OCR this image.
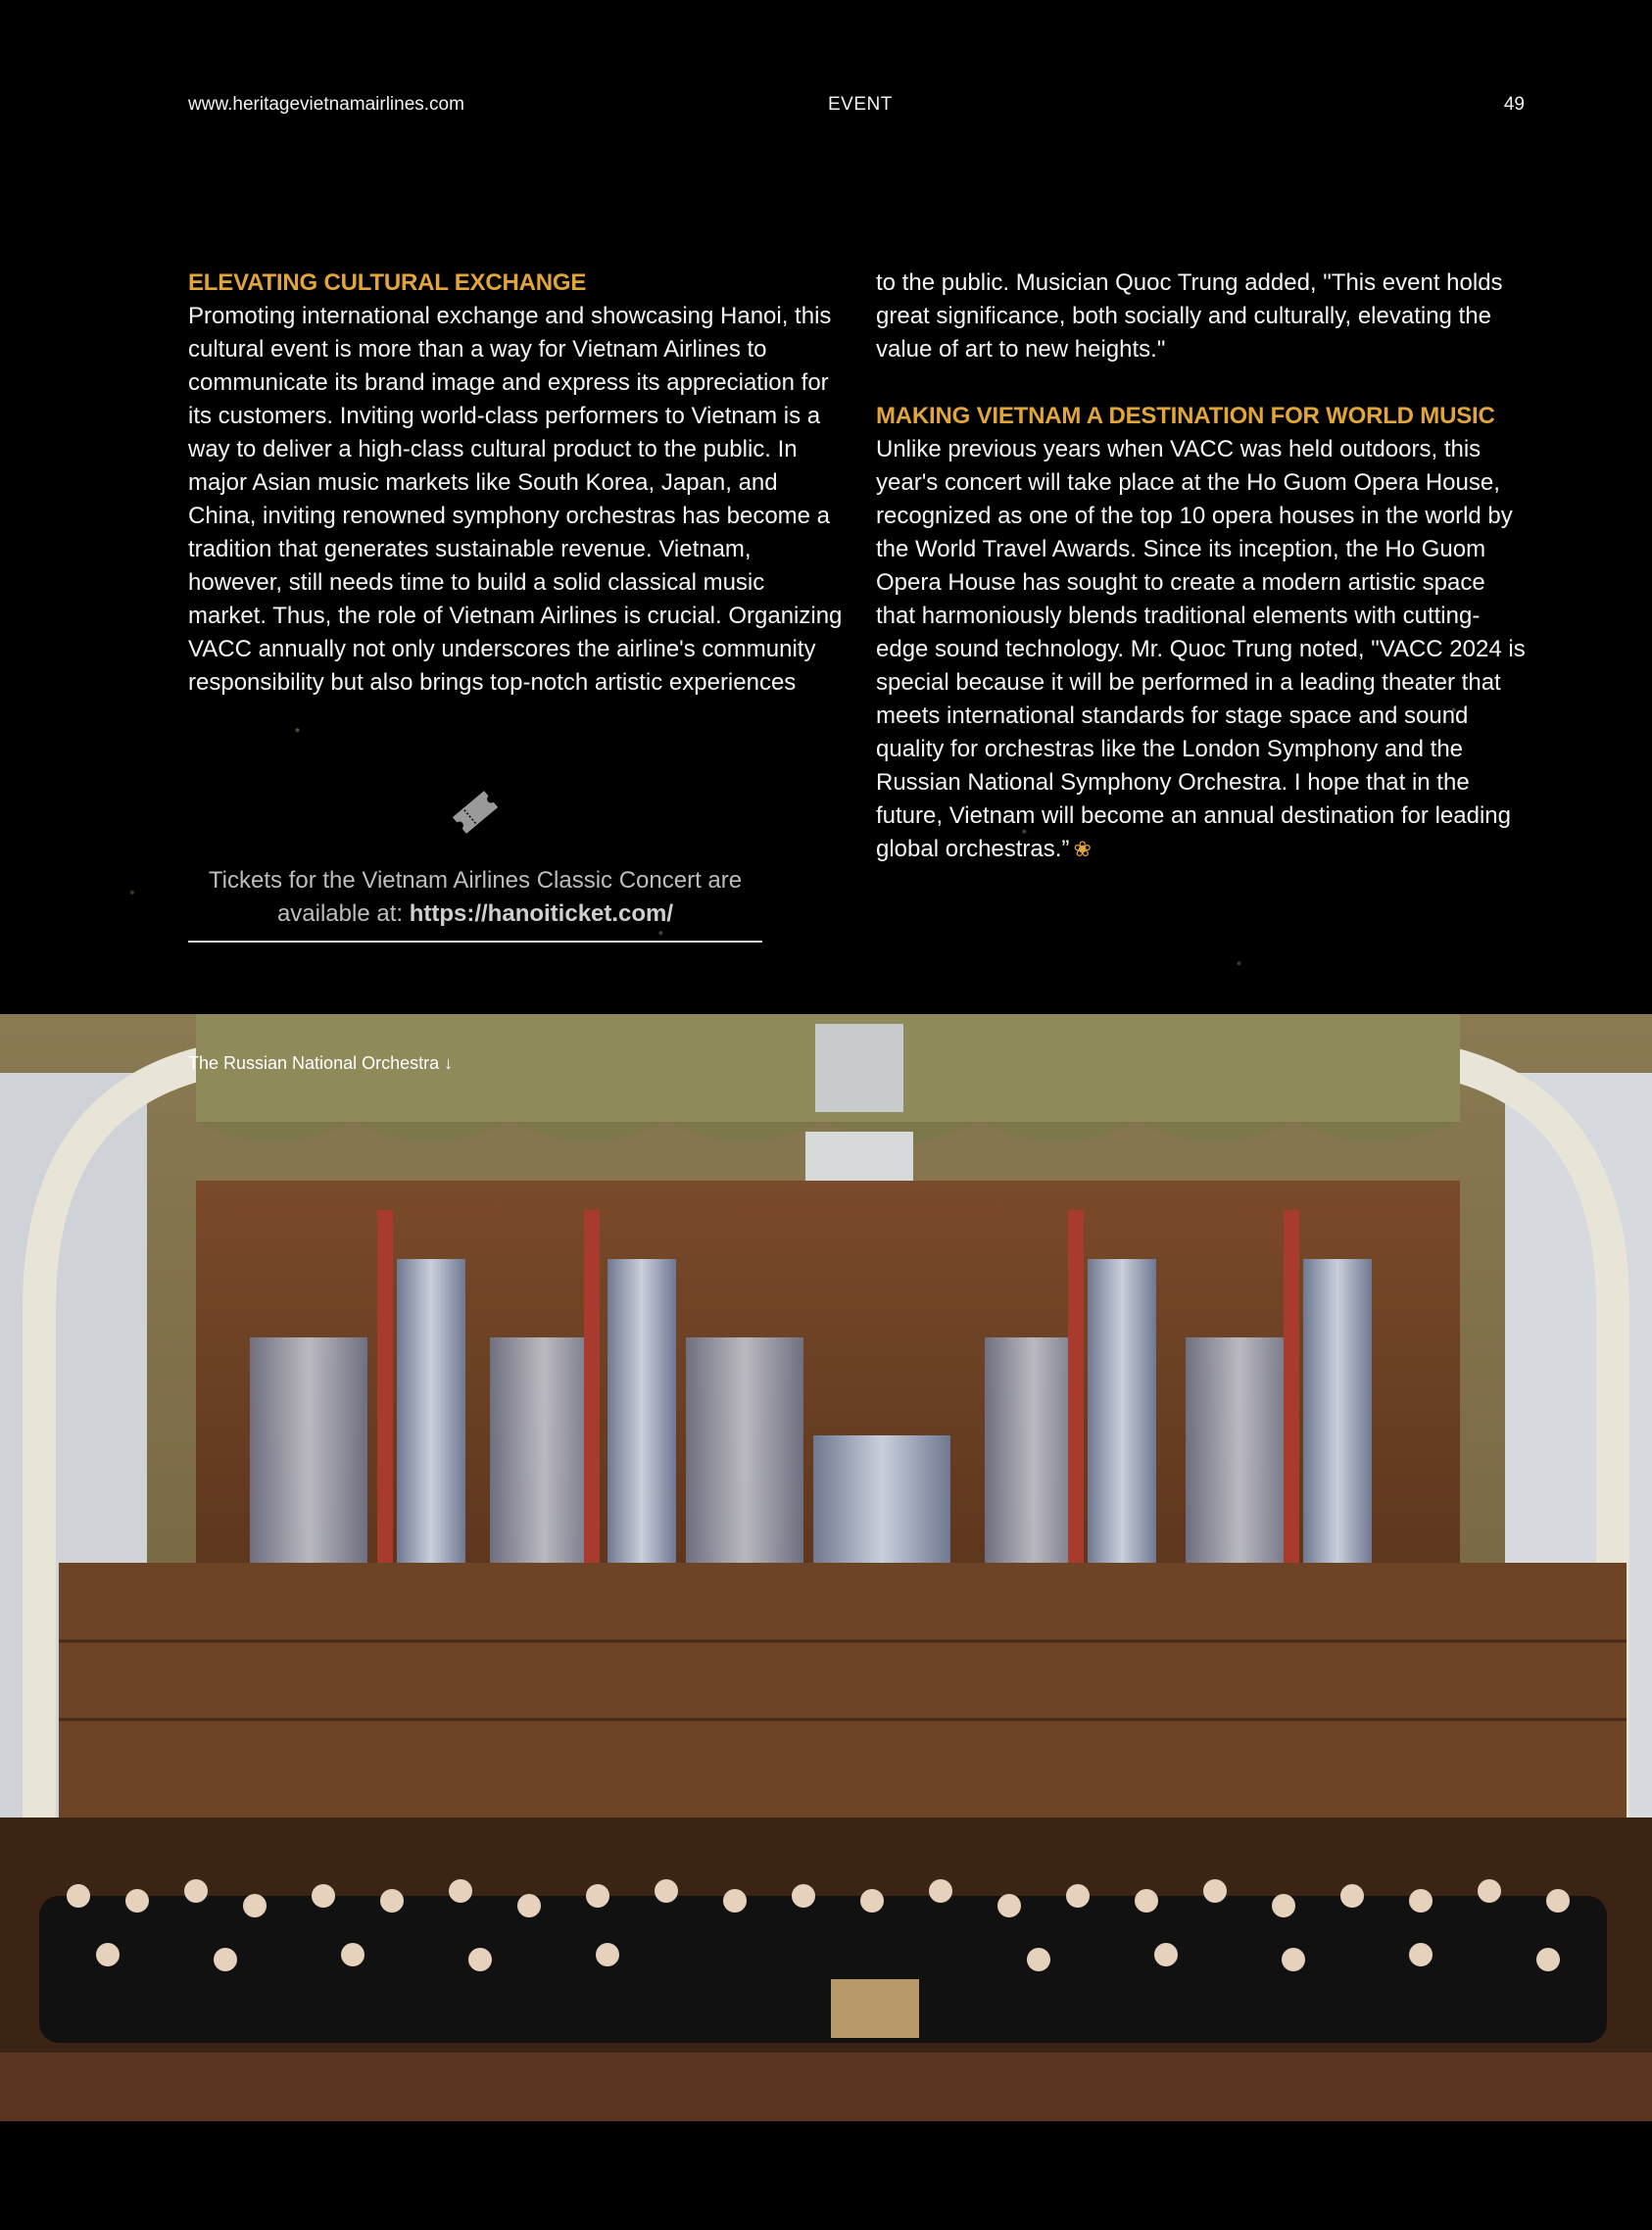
www.heritagevietnamairlines.com	EVENT	49
ELEVATING CULTURAL EXCHANGE

Promoting international exchange and showcasing Hanoi, this cultural event is more than a way for Vietnam Airlines to communicate its brand image and express its appreciation for its customers. Inviting world-class performers to Vietnam is a way to deliver a high-class cultural product to the public. In major Asian music markets like South Korea, Japan, and China, inviting renowned symphony orchestras has become a tradition that generates sustainable revenue. Vietnam, however, still needs time to build a solid classical music market. Thus, the role of Vietnam Airlines is crucial. Organizing VACC annually not only underscores the airline's community responsibility but also brings top-notch artistic experiences

to the public. Musician Quoc Trung added, "This event holds great significance, both socially and culturally, elevating the value of art to new heights."

MAKING VIETNAM A DESTINATION FOR WORLD MUSIC

Unlike previous years when VACC was held outdoors, this year's concert will take place at the Ho Guom Opera House, recognized as one of the top 10 opera houses in the world by the World Travel Awards. Since its inception, the Ho Guom Opera House has sought to create a modern artistic space that harmoniously blends traditional elements with cutting-edge sound technology. Mr. Quoc Trung noted, "VACC 2024 is special because it will be performed in a leading theater that meets international standards for stage space and sound quality for orchestras like the London Symphony and the Russian National Symphony Orchestra. I hope that in the future, Vietnam will become an annual destination for leading global orchestras.” ❀

Tickets for the Vietnam Airlines Classic Concert are available at: https://hanoiticket.com/
The Russian National Orchestra ↓
